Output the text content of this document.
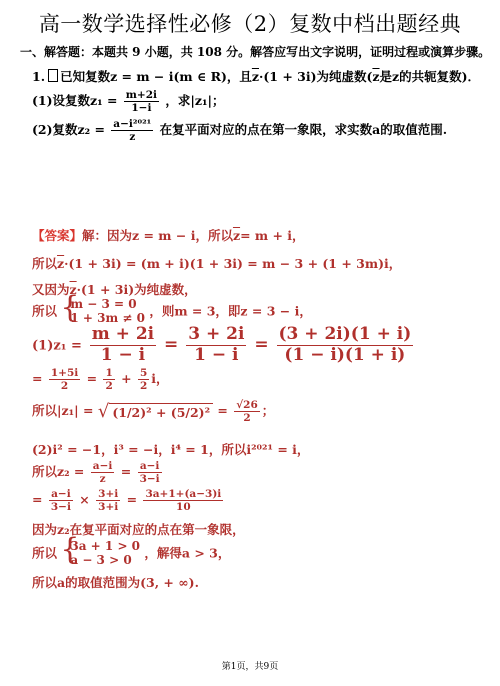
高一数学选择性必修（2）复数中档出题经典
一、解答题：本题共 9 小题，共 108 分。解答应写出文字说明，证明过程或演算步骤。
1. 已知复数z = m − i(m ∈ R)，且$\overline{z}\cdot(1 + 3i)$为纯虚数($\overline{z}$是z的共轭复数)．
(1)设复数$z_1 = \frac{m+2i}{1-i}$ ，求|z₁|；
(2)复数$z_2 = \frac{\text{a−i²⁰²¹}}{z}$ 在复平面对应的点在第一象限，求实数a的取值范围.
【答案】解：因为z = m − i，所以$\overline{z}= m + i$，
所以$\overline{z}\cdot(1 + 3i) = (m + i)(1 + 3i) = m - 3 + (1 + 3m)i$，
又因为$\overline{z}\cdot(1 + 3i)$为纯虚数，
所以 { m − 3 = 0
1 + 3m ≠ 0 ，则m = 3，即z = 3 − i，
$(1)z_1 = \frac{m + 2i}{1 - i} = \frac{3 + 2i}{1 - i} = \frac{(3 + 2i)(1 + i)}{(1 - i)(1 + i)}$
= $\frac{1+5i}{2} = \frac{1}{2} + \frac{5}{2}$ i，
所以|z₁| = √ $(1/2)^2 + (5/2)^2 = \frac{√26}{2}$ ；
(2)i² = −1，i³ = −i，i⁴ = 1，所以i²⁰²¹ = i，
所以$z_2 = \frac{a-i}{z} = \frac{a-i}{3-i}$
= $\frac{a-i}{3-i} \times \frac{3+i}{3+i} = \frac{3a+1+(a-3)i}{10}$
因为z₂在复平面对应的点在第一象限，
所以 { 3a + 1 > 0
a − 3 > 0	，解得a > 3，
所以a的取值范围为(3, + ∞).
第1页，共9页
